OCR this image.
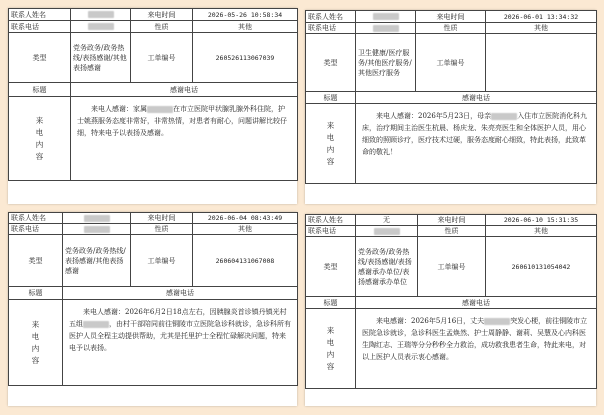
联系人姓名		来电时间	2026-05-26 10:58:34
联系电话		性质	其他
类型	党务政务/政务热线/表扬感谢/其他表扬感谢	工单编号	260526113067039
标题	感谢电话		

来
电
内
容	来电人感谢：家属 在市立医院甲状腺乳腺外科住院，护士姚燕服务态度非常好，非常热情，对患者有耐心，问题讲解比较仔细，特来电予以表扬及感谢。		
联系人姓名		来电时间	2026-06-01 13:34:32
联系电话		性质	其他
类型	卫生健康/医疗服务/其他医疗服务/其他医疗服务	工单编号	
标题	感谢电话		

来
电
内
容	来电人感谢：2026年5月23日，母亲 入住市立医院消化科九床，治疗期间主治医生杭晨、杨庆龙、朱亮亮医生和全体医护人员，用心细致的照顾诊疗，医疗技术过硬，服务态度耐心细致，特此表扬，此致革命的敬礼！		
联系人姓名		来电时间	2026-06-04 08:43:49
联系电话		性质	其他
类型	党务政务/政务热线/表扬感谢/其他表扬感谢	工单编号	260604131067008
标题	感谢电话		

来
电
内
容	来电人感谢：2026年6月2日18点左右，因胰腺炎首诊镇丹镇光村五组 ，由村干部陪同前往铜陵市立医院急诊科就诊，急诊科所有医护人员全程主动提供帮助，尤其是托里护士全程忙碌解决问题，特来电予以表扬。		
联系人姓名	无	来电时间	2026-06-10 15:31:35
联系电话		性质	其他
类型	党务政务/政务热线/表扬感谢/表扬感谢承办单位/表扬感谢承办单位	工单编号	260610131054042
标题	感谢电话		

来
电
内
容	来电感谢：2026年5月16日，丈夫 突发心梗，前往铜陵市立医院急诊就诊，急诊科医生孟焕然、护士周静静、谢莉、吴慧及心内科医生陶红志、王瑞等分分秒秒全力救治，成功救我患者生命，特此来电，对以上医护人员表示衷心感谢。		
